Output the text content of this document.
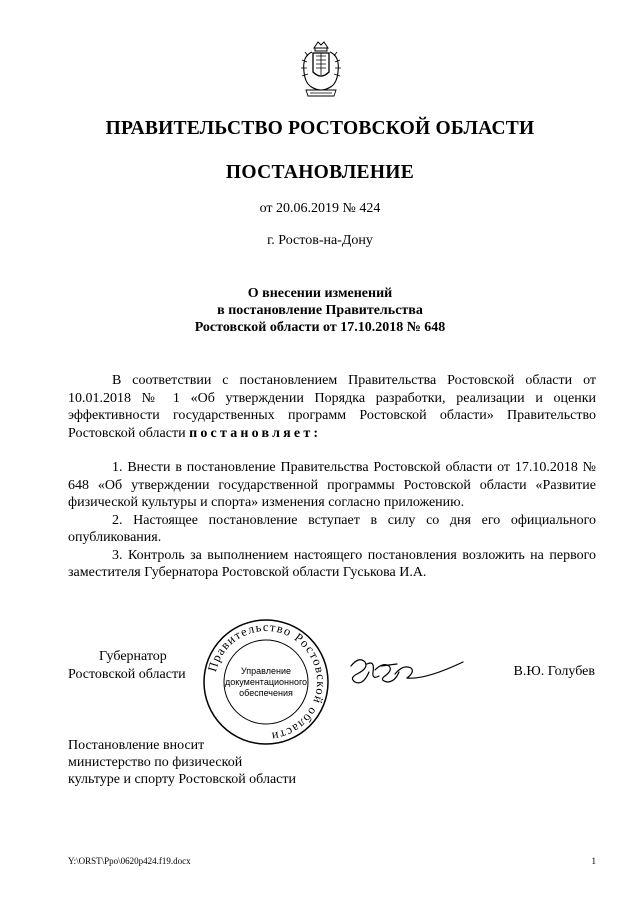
ПРАВИТЕЛЬСТВО РОСТОВСКОЙ ОБЛАСТИ
ПОСТАНОВЛЕНИЕ
от 20.06.2019 № 424
г. Ростов-на-Дону
О внесении изменений
в постановление Правительства
Ростовской области от 17.10.2018 № 648

В соответствии с постановлением Правительства Ростовской области от 10.01.2018 № 1 «Об утверждении Порядка разработки, реализации и оценки эффективности государственных программ Ростовской области» Правительство Ростовской области постановляет:

1. Внести в постановление Правительства Ростовской области от 17.10.2018 № 648 «Об утверждении государственной программы Ростовской области «Развитие физической культуры и спорта» изменения согласно приложению.

2. Настоящее постановление вступает в силу со дня его официального опубликования.

3. Контроль за выполнением настоящего постановления возложить на первого заместителя Губернатора Ростовской области Гуськова И.А.

Губернатор
Ростовской области
Правительство Ростовской области
Управление
документационного
обеспечения
В.Ю. Голубев
Постановление вносит
министерство по физической
культуре и спорту Ростовской области
Y:\ORST\Ppo\0620p424.f19.docx	1
